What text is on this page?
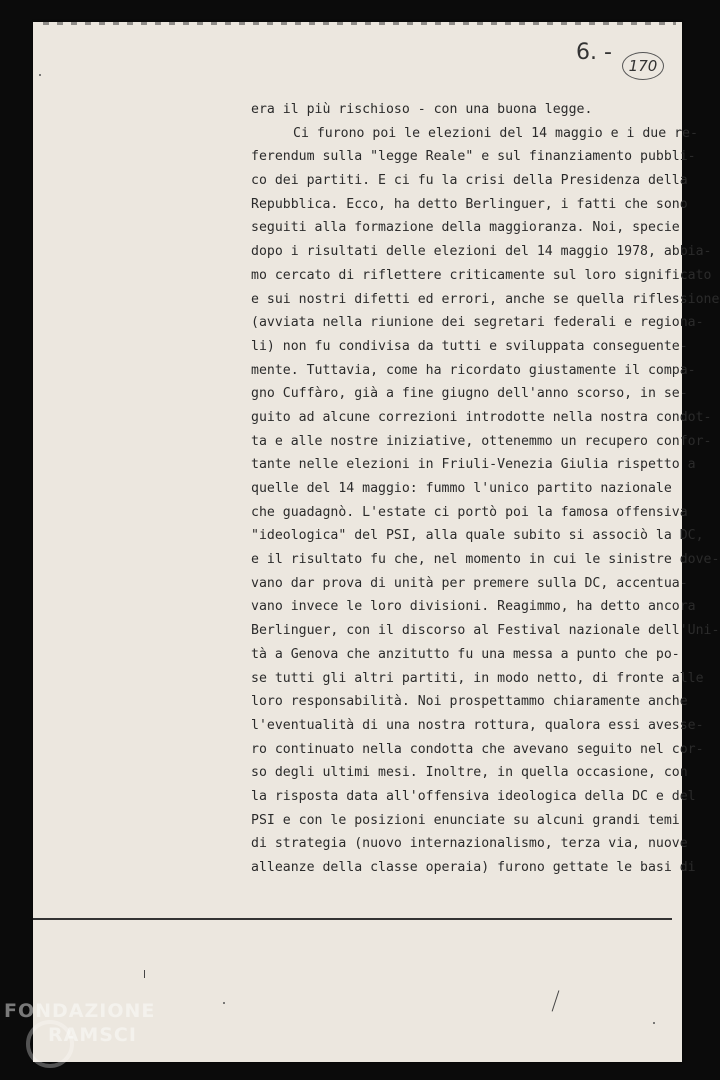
6. -
170
era il più rischioso - con una buona legge.
Ci furono poi le elezioni del 14 maggio e i due re-
ferendum sulla "legge Reale" e sul finanziamento pubbli-
co dei partiti. E ci fu la crisi della Presidenza della
Repubblica. Ecco, ha detto Berlinguer, i fatti che sono
seguiti alla formazione della maggioranza. Noi, specie
dopo i risultati delle elezioni del 14 maggio 1978, abbia-
mo cercato di riflettere criticamente sul loro significato
e sui nostri difetti ed errori, anche se quella riflessione
(avviata nella riunione dei segretari federali e regiona-
li) non fu condivisa da tutti e sviluppata conseguente-
mente. Tuttavia, come ha ricordato giustamente il compa-
gno Cuffàro, già a fine giugno dell'anno scorso, in se-
guito ad alcune correzioni introdotte nella nostra condot-
ta e alle nostre iniziative, ottenemmo un recupero confor-
tante nelle elezioni in Friuli-Venezia Giulia rispetto a
quelle del 14 maggio: fummo l'unico partito nazionale
che guadagnò. L'estate ci portò poi la famosa offensiva
"ideologica" del PSI, alla quale subito si associò la DC,
e il risultato fu che, nel momento in cui le sinistre dove-
vano dar prova di unità per premere sulla DC, accentua-
vano invece le loro divisioni. Reagimmo, ha detto ancora
Berlinguer, con il discorso al Festival nazionale dell'Uni-
tà a Genova che anzitutto fu una messa a punto che po-
se tutti gli altri partiti, in modo netto, di fronte alle
loro responsabilità. Noi prospettammo chiaramente anche
l'eventualità di una nostra rottura, qualora essi avesse-
ro continuato nella condotta che avevano seguito nel cor-
so degli ultimi mesi. Inoltre, in quella occasione, con
la risposta data all'offensiva ideologica della DC e del
PSI e con le posizioni enunciate su alcuni grandi temi
di strategia (nuovo internazionalismo, terza via, nuove
alleanze della classe operaia) furono gettate le basi di
FONDAZIONE
RAMSCI
